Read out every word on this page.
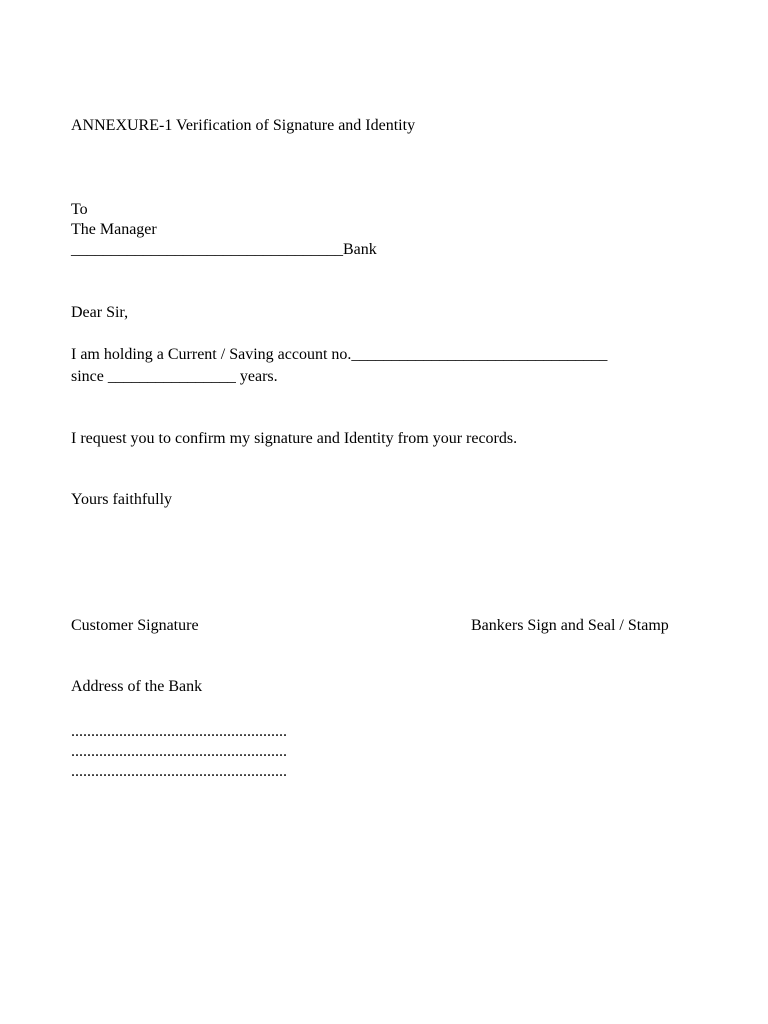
ANNEXURE-1 Verification of Signature and Identity
To
The Manager
__________________________________Bank
Dear Sir,
I am holding a Current / Saving account no.________________________________
since ________________ years.
I request you to confirm my signature and Identity from your records.
Yours faithfully
Customer Signature	Bankers Sign and Seal / Stamp
Address of the Bank
......................................................
......................................................
......................................................
